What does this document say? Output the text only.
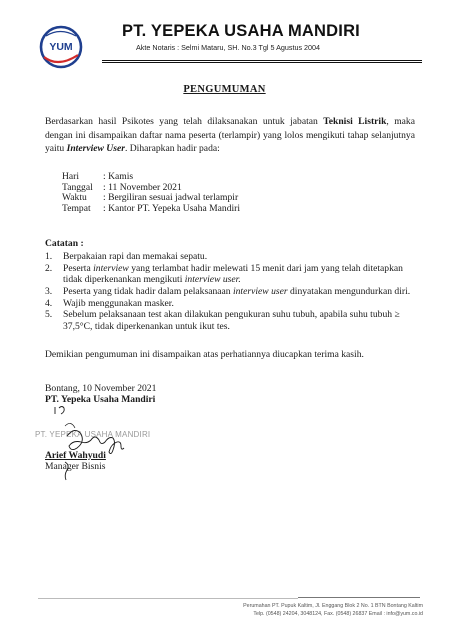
YUM
PT. YEPEKA USAHA MANDIRI

Akte Notaris : Selmi Mataru, SH. No.3 Tgl 5 Agustus 2004

PENGUMUMAN

Berdasarkan hasil Psikotes yang telah dilaksanakan untuk jabatan Teknisi Listrik, maka dengan ini disampaikan daftar nama peserta (terlampir) yang lolos mengikuti tahap selanjutnya yaitu Interview User. Diharapkan hadir pada:

Hari	: Kamis
Tanggal	: 11 November 2021
Waktu	: Bergiliran sesuai jadwal terlampir
Tempat	: Kantor PT. Yepeka Usaha Mandiri

Catatan :

1. Berpakaian rapi dan memakai sepatu.
2. Peserta interview yang terlambat hadir melewati 15 menit dari jam yang telah ditetapkan tidak diperkenankan mengikuti interview user.
3. Peserta yang tidak hadir dalam pelaksanaan interview user dinyatakan mengundurkan diri.
4. Wajib menggunakan masker.
5. Sebelum pelaksanaan test akan dilakukan pengukuran suhu tubuh, apabila suhu tubuh ≥ 37,5°C, tidak diperkenankan untuk ikut tes.

Demikian pengumuman ini disampaikan atas perhatiannya diucapkan terima kasih.

Bontang, 10 November 2021

PT. Yepeka Usaha Mandiri

PT. YEPEKA USAHA MANDIRI

Arief Wahyudi

Manager Bisnis

Perumahan PT. Pupuk Kaltim, Jl. Enggang Blok 2 No. 1 BTN Bontang Kaltim

Telp. (0548) 24204, 3048124, Fax. (0548) 26837 Email : info@yum.co.id
